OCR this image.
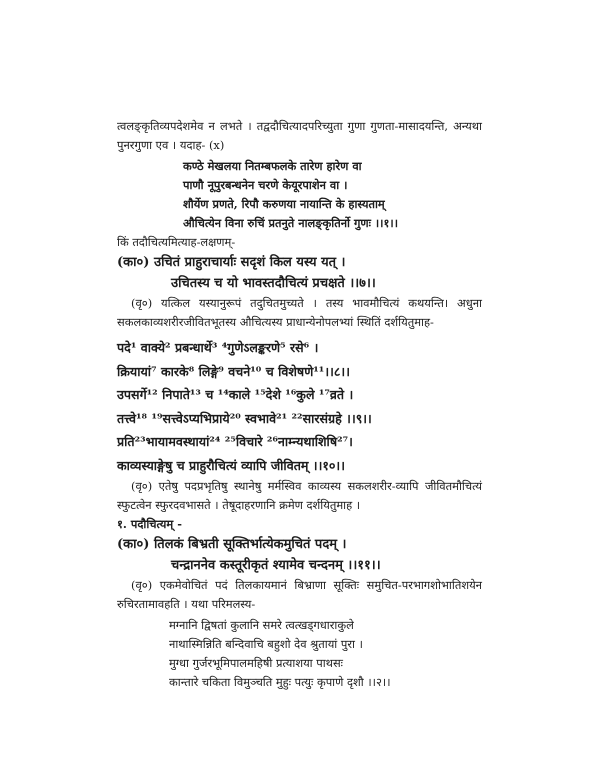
त्वलङ्कृतिव्यपदेशमेव न लभते । तद्वदौचित्यादपरिच्युता गुणा गुणता-मासादयन्ति, अन्यथा पुनरगुणा एव । यदाह- (x)
कण्ठे मेखलया नितम्बफलके तारेण हारेण वा
पाणौ नूपुरबन्धनेन चरणे केयूरपाशेन वा ।
शौर्येण प्रणते, रिपौ करुणया नायान्ति के हास्यताम्
औचित्येन विना रुचिं प्रतनुते नालङ्कृतिर्नो गुणः ।।१।।
किं तदौचित्यमित्याह-लक्षणम्-
(का०) उचितं प्राहुराचार्याः सदृशं किल यस्य यत् ।
उचितस्य च यो भावस्तदौचित्यं प्रचक्षते ।।७।।
(वृ०) यत्किल यस्यानुरूपं तदुचितमुच्यते । तस्य भावमौचित्यं कथयन्ति। अधुना सकलकाव्यशरीरजीवितभूतस्य औचित्यस्य प्राधान्येनोपलभ्यां स्थितिं दर्शयितुमाह-
पदे¹ वाक्ये² प्रबन्धार्थे³ ⁴गुणेऽलङ्करणे⁵ रसे⁶ ।
क्रियायां⁷ कारके⁸ लिङ्गे⁹ वचने¹⁰ च विशेषणे¹¹।।८।।
उपसर्गे¹² निपाते¹³ च ¹⁴काले ¹⁵देशे ¹⁶कुले ¹⁷व्रते ।
तत्त्वे¹⁸ ¹⁹सत्त्वेऽप्यभिप्राये²⁰ स्वभावे²¹ ²²सारसंग्रहे ।।९।।
प्रति²³भायामवस्थायां²⁴ ²⁵विचारे ²⁶नाम्न्यथाशिषि²⁷।
काव्यस्याङ्गेषु च प्राहुरौचित्यं व्यापि जीवितम् ।।१०।।
(वृ०) एतेषु पदप्रभृतिषु स्थानेषु मर्मस्विव काव्यस्य सकलशरीर-व्यापि जीवितमौचित्यं स्फुटत्वेन स्फुरदवभासते । तेषूदाहरणानि क्रमेण दर्शयितुमाह ।
१. पदौचित्यम् -
(का०) तिलकं बिभ्रती सूक्तिर्भात्येकमुचितं पदम् ।
चन्द्राननेव कस्तूरीकृतं श्यामेव चन्दनम् ।।११।।
(वृ०) एकमेवोचितं पदं तिलकायमानं बिभ्राणा सूक्तिः समुचित-परभागशोभातिशयेन रुचिरतामावहति । यथा परिमलस्य-
मग्नानि द्विषतां कुलानि समरे त्वत्खड्गधाराकुले
नाथास्मिन्निति बन्दिवाचि बहुशो देव श्रुतायां पुरा ।
मुग्धा गुर्जरभूमिपालमहिषी प्रत्याशया पाथसः
कान्तारे चकिता विमुञ्चति मुहुः पत्युः कृपाणे दृशौ ।।२।।
